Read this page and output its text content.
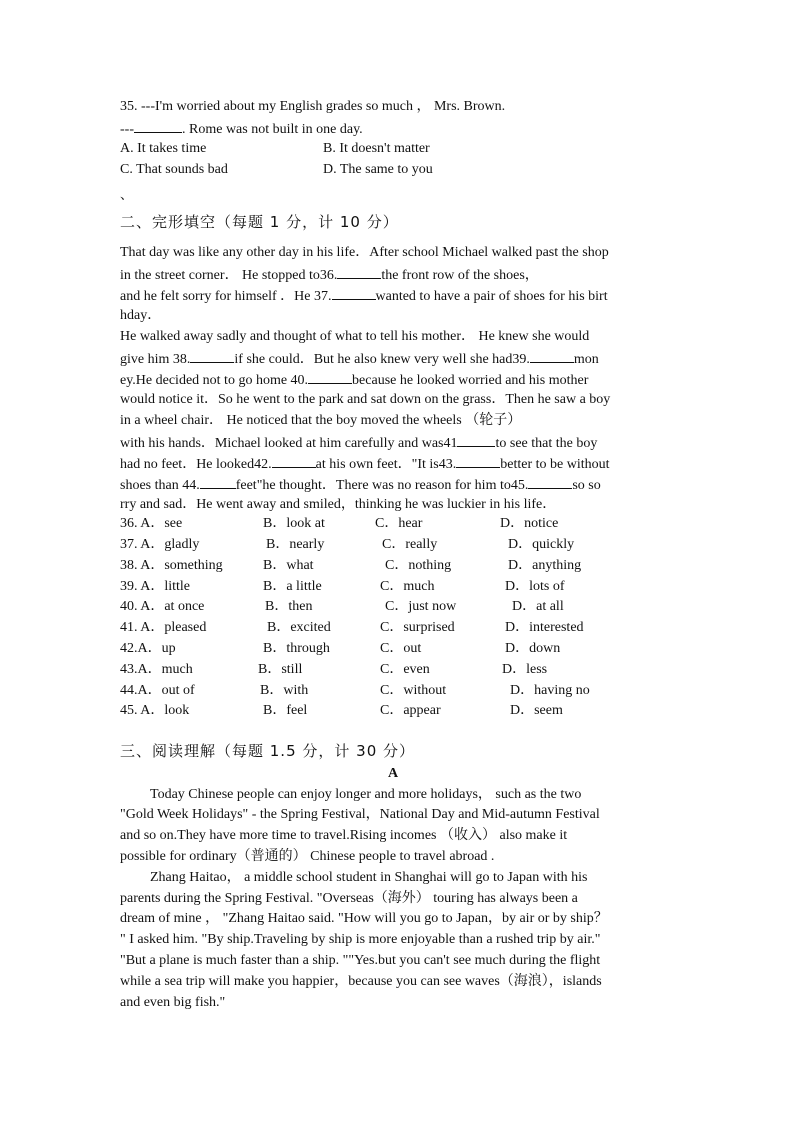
35. ---I'm worried about my English grades so much ， Mrs. Brown.
---	. Rome was not built in one day.
A. It takes time	B. It doesn't matter
C. That sounds bad	D. The same to you
、
二、完形填空（每题 1 分，计 10 分）
That day was like any other day in his life．After school Michael walked past the shop
in the street corner． He stopped to36.	the front row of the shoes，
and he felt sorry for himself ．He 37.	wanted to have a pair of shoes for his birt
hday．
He walked away sadly and thought of what to tell his mother． He knew she would
give him 38.	if she could．But he also knew very well she had39.	mon
ey.He decided not to go home 40.	because he looked worried and his mother
would notice it．So he went to the park and sat down on the grass．Then he saw a boy
in a wheel chair． He noticed that the boy moved the wheels （轮子）
with his hands．Michael looked at him carefully and was41	to see that the boy
had no feet．He looked42.	at his own feet．"It is43.	better to be without
shoes than 44.	feet"he thought．There was no reason for him to45.	so so
rry and sad．He went away and smiled，thinking he was luckier in his life．
36. A．see	B．look at	C．hear	D．notice
37. A．gladly	B．nearly	C．really	D．quickly
38. A．something	B．what	C．nothing	D．anything
39. A．little	B．a little	C．much	D．lots of
40. A．at once	B．then	C．just now	D．at all
41. A．pleased	B．excited	C．surprised	D．interested
42.A．up	B．through	C．out	D．down
43.A．much	B．still	C．even	D．less
44.A．out of	B．with	C．without	D．having no
45. A．look	B．feel	C．appear	D．seem
三、阅读理解（每题 1.5 分，计 30 分）
A
Today Chinese people can enjoy longer and more holidays， such as the two
"Gold Week Holidays" - the Spring Festival，National Day and Mid-autumn Festival
and so on.They have more time to travel.Rising incomes （收入） also make it
possible for ordinary（普通的） Chinese people to travel abroad .
Zhang Haitao， a middle school student in Shanghai will go to Japan with his
parents during the Spring Festival. "Overseas（海外） touring has always been a
dream of mine ， "Zhang Haitao said. "How will you go to Japan，by air or by ship？
" I asked him. "By ship.Traveling by ship is more enjoyable than a rushed trip by air."
"But a plane is much faster than a ship. ""Yes.but you can't see much during the flight
while a sea trip will make you happier，because you can see waves（海浪），islands
and even big fish."
